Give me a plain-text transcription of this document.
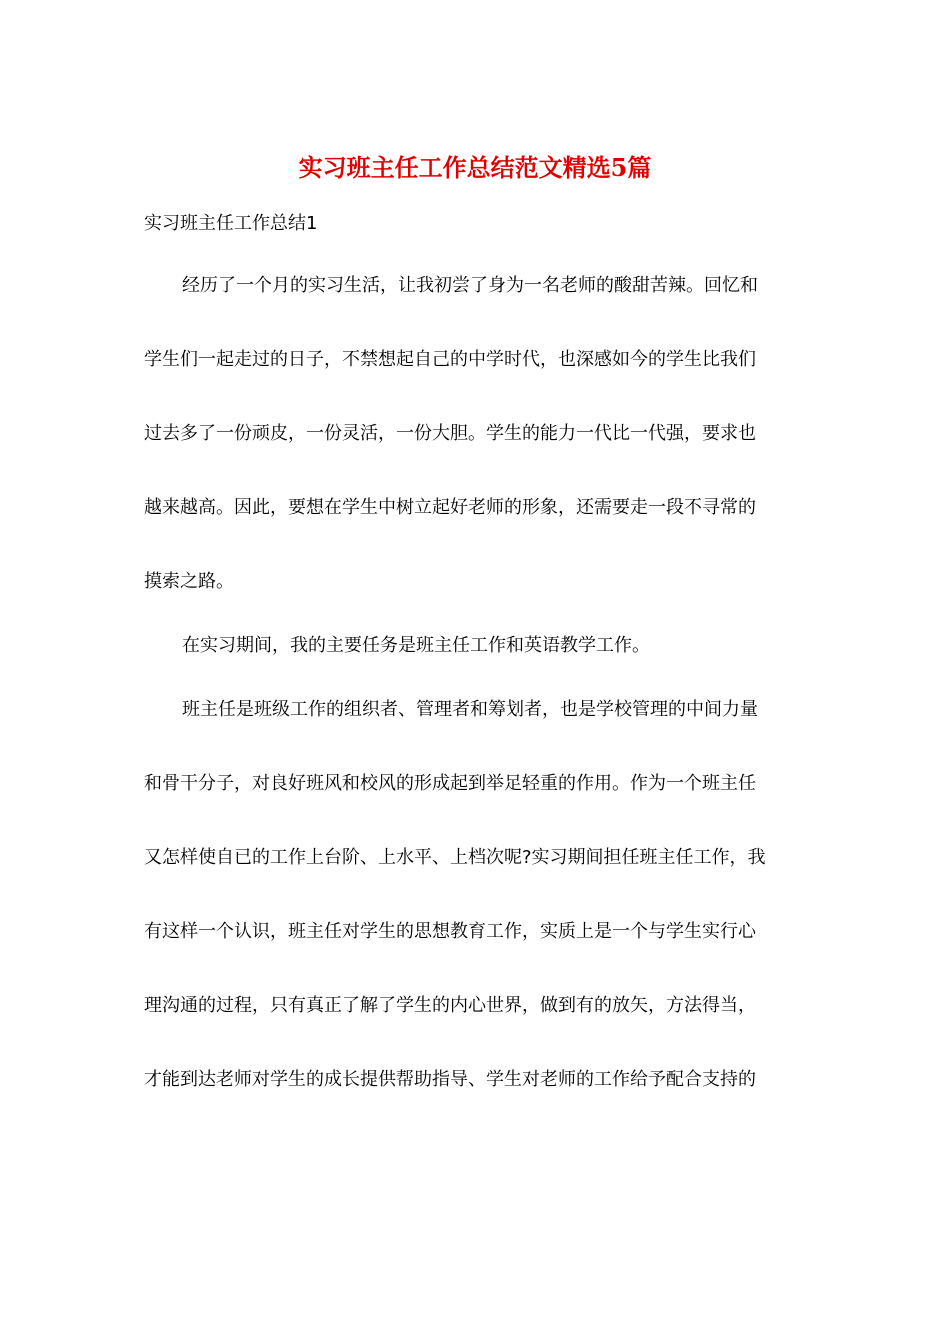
实习班主任工作总结范文精选5篇

实习班主任工作总结1

经历了一个月的实习生活，让我初尝了身为一名老师的酸甜苦辣。回忆和

学生们一起走过的日子，不禁想起自己的中学时代，也深感如今的学生比我们

过去多了一份顽皮，一份灵活，一份大胆。学生的能力一代比一代强，要求也

越来越高。因此，要想在学生中树立起好老师的形象，还需要走一段不寻常的

摸索之路。

在实习期间，我的主要任务是班主任工作和英语教学工作。

班主任是班级工作的组织者、管理者和筹划者，也是学校管理的中间力量

和骨干分子，对良好班风和校风的形成起到举足轻重的作用。作为一个班主任

又怎样使自已的工作上台阶、上水平、上档次呢?实习期间担任班主任工作，我

有这样一个认识，班主任对学生的思想教育工作，实质上是一个与学生实行心

理沟通的过程，只有真正了解了学生的内心世界，做到有的放矢，方法得当，

才能到达老师对学生的成长提供帮助指导、学生对老师的工作给予配合支持的
